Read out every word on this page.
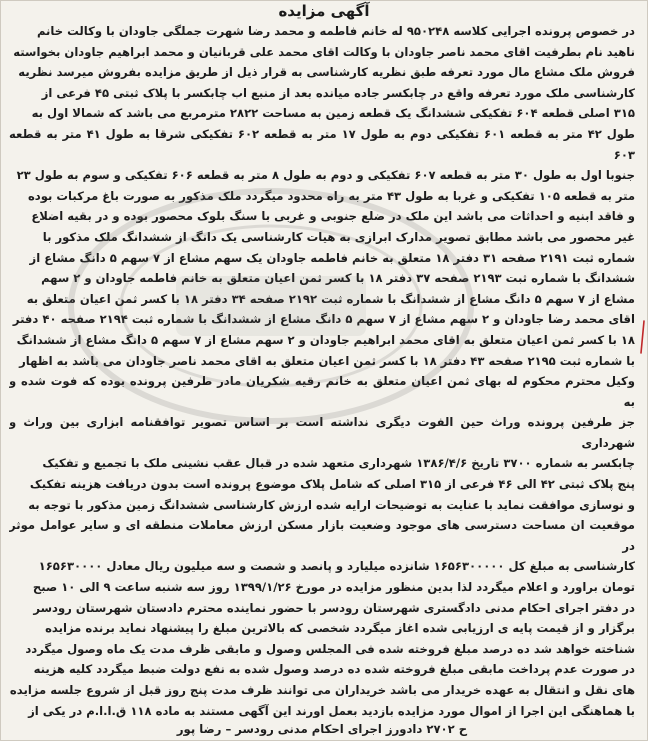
آگهی مزایده

در خصوص پرونده اجرایی کلاسه ۹۵۰۲۴۸ له خانم فاطمه و محمد رضا شهرت جملگی جاودان با وکالت خانم

ناهید نام بطرفیت اقای محمد ناصر جاودان با وکالت اقای محمد علی قربانیان و محمد ابراهیم جاودان بخواسته

فروش ملک مشاع مال مورد تعرفه طبق نظریه کارشناسی به قرار ذیل از طریق مزایده بفروش میرسد نظریه

کارشناسی ملک مورد تعرفه واقع در چابکسر جاده میانده بعد از منبع اب چابکسر با پلاک ثبتی ۴۵ فرعی از

۳۱۵ اصلی قطعه ۶۰۴ تفکیکی ششدانگ یک قطعه زمین به مساحت ۲۸۲۲ مترمربع می باشد که شمالا اول به

طول ۴۲ متر به قطعه ۶۰۱ تفکیکی دوم به طول ۱۷ متر به قطعه ۶۰۲ تفکیکی شرقا به طول ۴۱ متر به قطعه ۶۰۳

جنوبا اول به طول ۳۰ متر به قطعه ۶۰۷ تفکیکی و دوم به طول ۸ متر به قطعه ۶۰۶ تفکیکی و سوم به طول ۲۳

متر به قطعه ۱۰۵ تفکیکی و غربا به طول ۴۳ متر به راه محدود میگردد ملک مذکور به صورت باغ مرکبات بوده

و فاقد ابنیه و احداثات می باشد این ملک در ضلع جنوبی و غربی با سنگ بلوک محصور بوده و در بقیه اضلاع

غیر محصور می باشد مطابق تصویر مدارک ابرازی به هیات کارشناسی یک دانگ از ششدانگ ملک مذکور با

شماره ثبت ۲۱۹۱ صفحه ۳۱ دفتر ۱۸ متعلق به خانم فاطمه جاودان یک سهم مشاع از ۷ سهم ۵ دانگ مشاع از

ششدانگ با شماره ثبت ۲۱۹۳ صفحه ۳۷ دفتر ۱۸ با کسر ثمن اعیان متعلق به خانم فاطمه جاودان و ۲ سهم

مشاع از ۷ سهم ۵ دانگ مشاع از ششدانگ با شماره ثبت ۲۱۹۲ صفحه ۳۴ دفتر ۱۸ با کسر ثمن اعیان متعلق به

اقای محمد رضا جاودان و ۲ سهم مشاع از ۷ سهم ۵ دانگ مشاع از ششدانگ با شماره ثبت ۲۱۹۴ صفحه ۴۰ دفتر

۱۸ با کسر ثمن اعیان متعلق به اقای محمد ابراهیم جاودان و ۲ سهم مشاع از ۷ سهم ۵ دانگ مشاع از ششدانگ

با شماره ثبت ۲۱۹۵ صفحه ۴۳ دفتر ۱۸ با کسر ثمن اعیان متعلق به اقای محمد ناصر جاودان می باشد به اظهار

وکیل محترم محکوم له بهای ثمن اعیان متعلق به خانم رقیه شکریان مادر طرفین پرونده بوده که فوت شده و به

جز طرفین پرونده وراث حین الفوت دیگری نداشته است بر اساس تصویر توافقنامه ابزاری بین وراث و شهرداری

چابکسر به شماره ۳۷۰۰ تاریخ ۱۳۸۶/۴/۶ شهرداری متعهد شده در قبال عقب نشینی ملک با تجمیع و تفکیک

پنج پلاک ثبتی ۴۲ الی ۴۶ فرعی از ۳۱۵ اصلی که شامل پلاک موضوع پرونده است بدون دریافت هزینه تفکیک

و نوسازی موافقت نماید با عنایت به توضیحات ارایه شده ارزش کارشناسی ششدانگ زمین مذکور با توجه به

موقعیت ان مساحت دسترسی های موجود وضعیت بازار مسکن ارزش معاملات منطقه ای و سایر عوامل موثر در

کارشناسی به مبلغ کل ۱۶۵۶۳۰۰۰۰۰ شانزده میلیارد و پانصد و شصت و سه میلیون ریال معادل ۱۶۵۶۳۰۰۰۰

تومان براورد و اعلام میگردد لذا بدین منظور مزایده در مورخ ۱۳۹۹/۱/۲۶ روز سه شنبه ساعت ۹ الی ۱۰ صبح

در دفتر اجرای احکام مدنی دادگستری شهرستان رودسر با حضور نماینده محترم دادستان شهرستان رودسر

برگزار و از قیمت پایه ی ارزیابی شده اغاز میگردد شخصی که بالاترین مبلغ را پیشنهاد نماید برنده مزایده

شناخته خواهد شد ده درصد مبلغ فروخته شده فی المجلس وصول و مابقی ظرف مدت یک ماه وصول میگردد

در صورت عدم پرداخت مابقی مبلغ فروخته شده ده درصد وصول شده به نفع دولت ضبط میگردد کلیه هزینه

های نقل و انتقال به عهده خریدار می باشد خریداران می توانند ظرف مدت پنج روز قبل از شروع جلسه مزایده

با هماهنگی این اجرا از اموال مورد مزایده بازدید بعمل اورند این آگهی مستند به ماده ۱۱۸ ق.ا.ا.م در یکی از

ح ۲۷۰۲ دادورز اجرای احکام مدنی رودسر – رضا پور
